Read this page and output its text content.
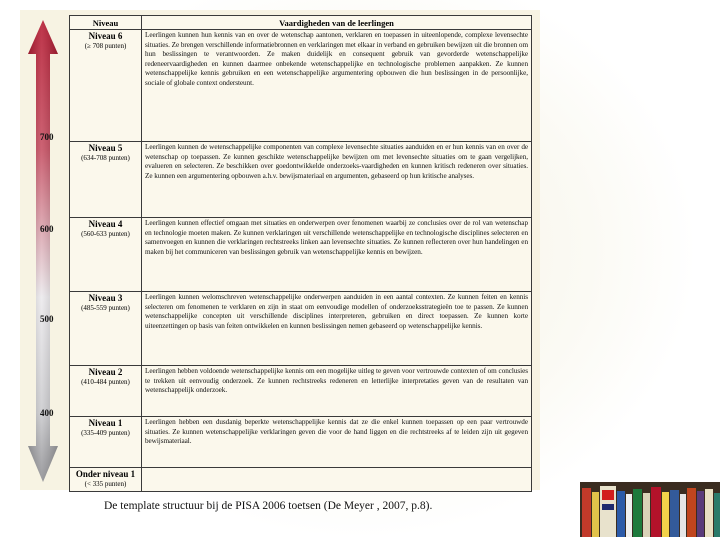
700
600
500
400
Niveau	Vaardigheden van de leerlingen

Niveau 6
(≥ 708 punten)	Leerlingen kunnen hun kennis van en over de wetenschap aantonen, verklaren en toepassen in uiteenlopende, complexe levensechte situaties. Ze brengen verschillende informatiebronnen en verklaringen met elkaar in verband en gebruiken bewijzen uit die bronnen om hun beslissingen te verantwoorden. Ze maken duidelijk en consequent gebruik van gevorderde wetenschappelijke redeneervaardigheden en kunnen daarmee onbekende wetenschappelijke en technologische problemen aanpakken. Ze kunnen wetenschappelijke kennis gebruiken en een wetenschappelijke argumentering opbouwen die hun beslissingen in de persoonlijke, sociale of globale context ondersteunt.

Niveau 5
(634-708 punten)	Leerlingen kunnen de wetenschappelijke componenten van complexe levensechte situaties aanduiden en er hun kennis van en over de wetenschap op toepassen. Ze kunnen geschikte wetenschappelijke bewijzen om met levensechte situaties om te gaan vergelijken, evalueren en selecteren. Ze beschikken over goedontwikkelde onderzoeks-vaardigheden en kunnen kritisch redeneren over situaties. Ze kunnen een argumentering opbouwen a.h.v. bewijsmateriaal en argumenten, gebaseerd op hun kritische analyses.

Niveau 4
(560-633 punten)	Leerlingen kunnen effectief omgaan met situaties en onderwerpen over fenomenen waarbij ze conclusies over de rol van wetenschap en technologie moeten maken. Ze kunnen verklaringen uit verschillende wetenschappelijke en technologische disciplines selecteren en samenvoegen en kunnen die verklaringen rechtstreeks linken aan levensechte situaties. Ze kunnen reflecteren over hun handelingen en maken bij het communiceren van beslissingen gebruik van wetenschappelijke kennis en bewijzen.

Niveau 3
(485-559 punten)	Leerlingen kunnen welomschreven wetenschappelijke onderwerpen aanduiden in een aantal contexten. Ze kunnen feiten en kennis selecteren om fenomenen te verklaren en zijn in staat om eenvoudige modellen of onderzoeksstrategieën toe te passen. Ze kunnen wetenschappelijke concepten uit verschillende disciplines interpreteren, gebruiken en direct toepassen. Ze kunnen korte uiteenzettingen op basis van feiten ontwikkelen en kunnen beslissingen nemen gebaseerd op wetenschappelijke kennis.

Niveau 2
(410-484 punten)	Leerlingen hebben voldoende wetenschappelijke kennis om een mogelijke uitleg te geven voor vertrouwde contexten of om conclusies te trekken uit eenvoudig onderzoek. Ze kunnen rechtstreeks redeneren en letterlijke interpretaties geven van de resultaten van wetenschappelijk onderzoek.

Niveau 1
(335-409 punten)	Leerlingen hebben een dusdanig beperkte wetenschappelijke kennis dat ze die enkel kunnen toepassen op een paar vertrouwde situaties. Ze kunnen wetenschappelijke verklaringen geven die voor de hand liggen en die rechtstreeks af te leiden zijn uit gegeven bewijsmateriaal.

Onder niveau 1
(< 335 punten)	

De template structuur bij de PISA 2006 toetsen (De Meyer , 2007, p.8).
